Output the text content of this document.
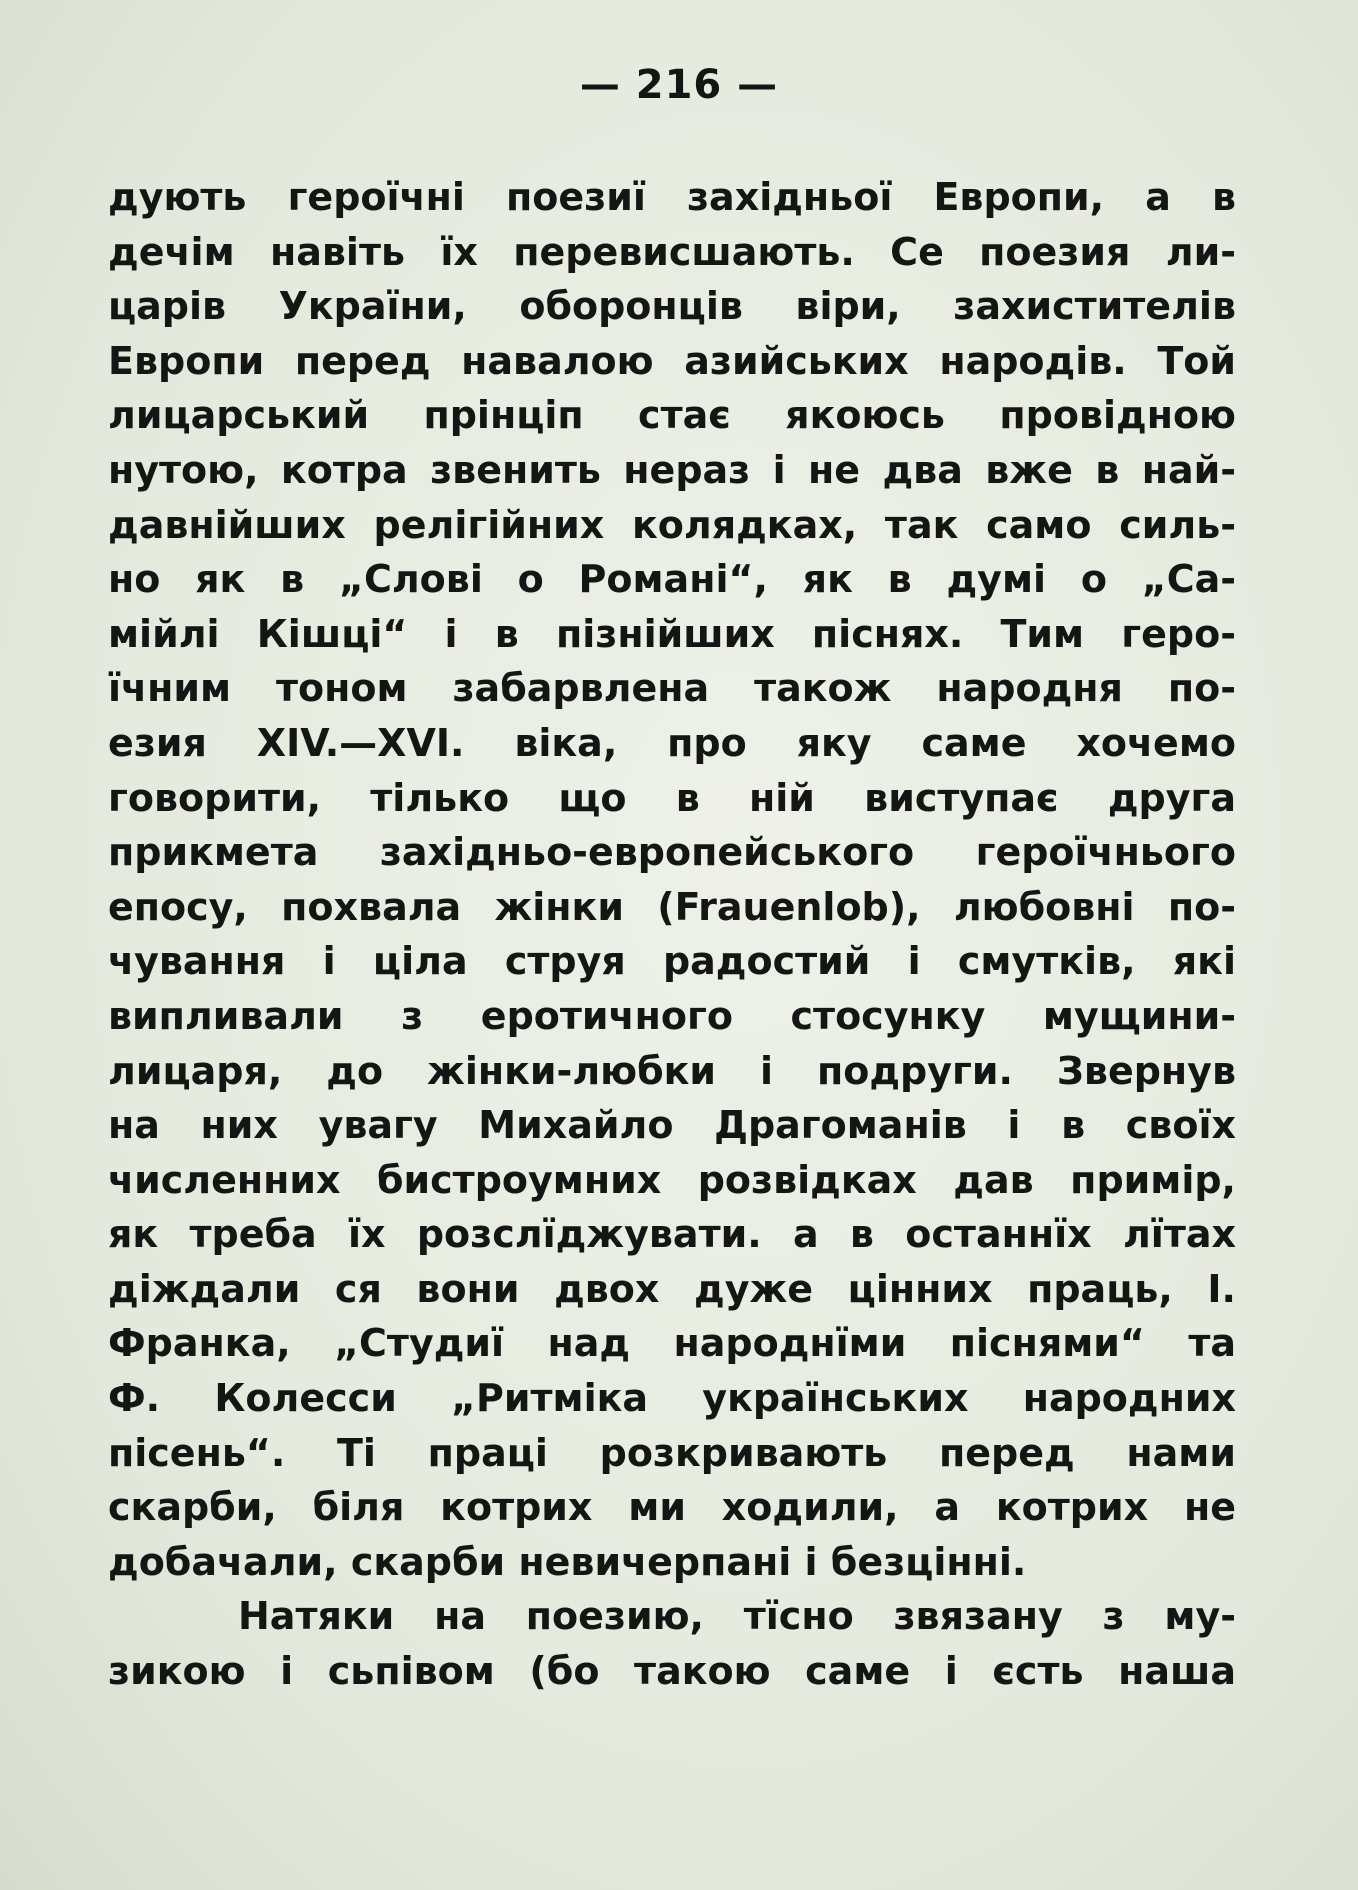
— 216 —
дують героїчні поезиї західньої Европи, а в
дечім навіть їх перевисшають. Се поезия ли-
царів України, оборонців віри, захистителів
Европи перед навалою азийських народів. Той
лицарський прінціп стає якоюсь провідною
нутою, котра звенить нераз і не два вже в най-
давнійших релігійних колядках, так само силь-
но як в „Слові о Романі“, як в думі о „Са-
мійлі Кішці“ і в пізнійших піснях. Тим геро-
їчним тоном забарвлена також народня по-
езия XIV.—XVI. віка, про яку саме хочемо
говорити, тілько що в ній виступає друга
прикмета західньо-европейського героїчнього
епосу, похвала жінки (Frauenlob), любовні по-
чування і ціла струя радостий і смутків, які
випливали з еротичного стосунку мущини-
лицаря, до жінки-любки і подруги. Звернув
на них увагу Михайло Драгоманів і в своїх
численних бистроумних розвідках дав примір,
як треба їх розслїджувати. а в останнїх лїтах
діждали ся вони двох дуже цінних праць, І.
Франка, „Студиї над народнїми піснями“ та
Ф. Колесси „Ритміка українських народних
пісень“. Ті праці розкривають перед нами
скарби, біля котрих ми ходили, а котрих не
добачали, скарби невичерпані і безцінні.
Натяки на поезию, тїсно звязану з му-
зикою і сьпівом (бо такою саме і єсть наша
